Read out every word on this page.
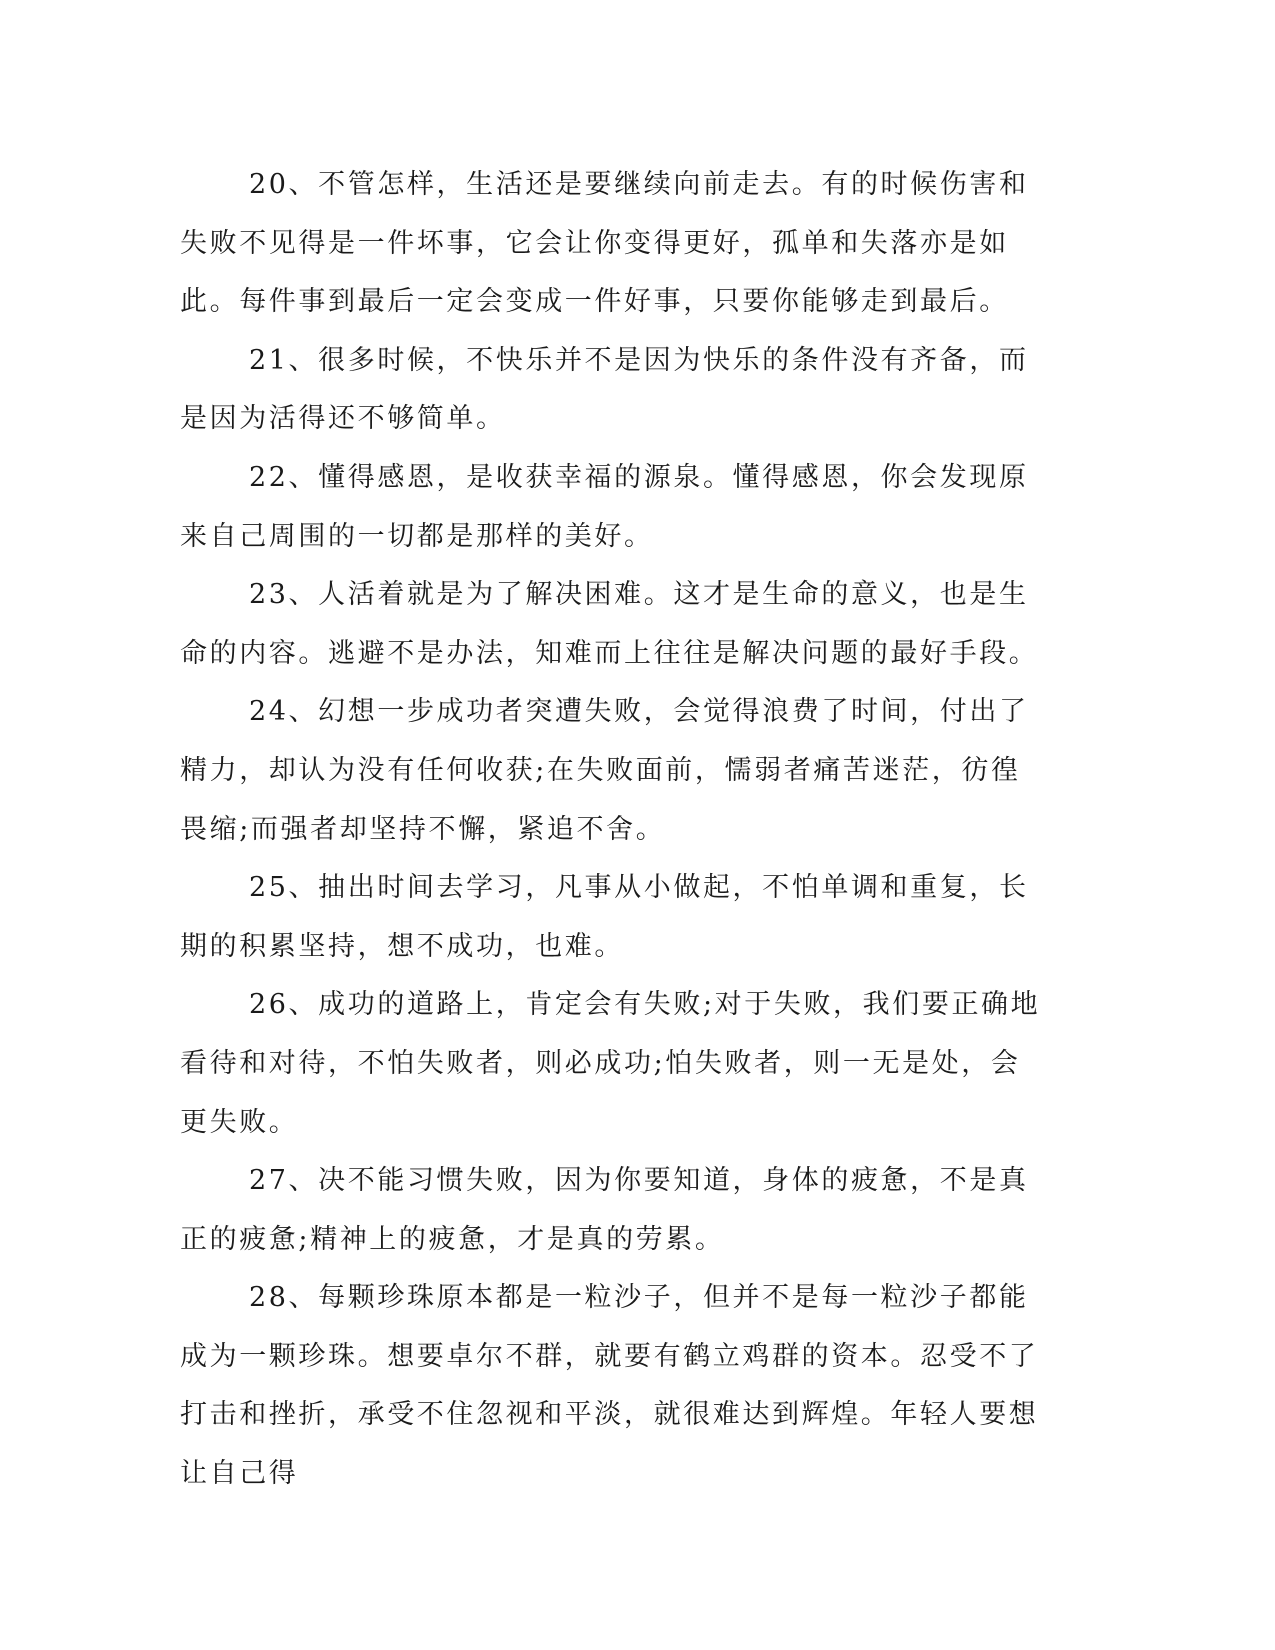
20、不管怎样，生活还是要继续向前走去。有的时候伤害和失败不见得是一件坏事，它会让你变得更好，孤单和失落亦是如此。每件事到最后一定会变成一件好事，只要你能够走到最后。

21、很多时候，不快乐并不是因为快乐的条件没有齐备，而是因为活得还不够简单。

22、懂得感恩，是收获幸福的源泉。懂得感恩，你会发现原来自己周围的一切都是那样的美好。

23、人活着就是为了解决困难。这才是生命的意义，也是生命的内容。逃避不是办法，知难而上往往是解决问题的最好手段。

24、幻想一步成功者突遭失败，会觉得浪费了时间，付出了精力，却认为没有任何收获;在失败面前，懦弱者痛苦迷茫，彷徨畏缩;而强者却坚持不懈，紧追不舍。

25、抽出时间去学习，凡事从小做起，不怕单调和重复，长期的积累坚持，想不成功，也难。

26、成功的道路上，肯定会有失败;对于失败，我们要正确地看待和对待，不怕失败者，则必成功;怕失败者，则一无是处，会更失败。

27、决不能习惯失败，因为你要知道，身体的疲惫，不是真正的疲惫;精神上的疲惫，才是真的劳累。

28、每颗珍珠原本都是一粒沙子，但并不是每一粒沙子都能成为一颗珍珠。想要卓尔不群，就要有鹤立鸡群的资本。忍受不了打击和挫折，承受不住忽视和平淡，就很难达到辉煌。年轻人要想让自己得
